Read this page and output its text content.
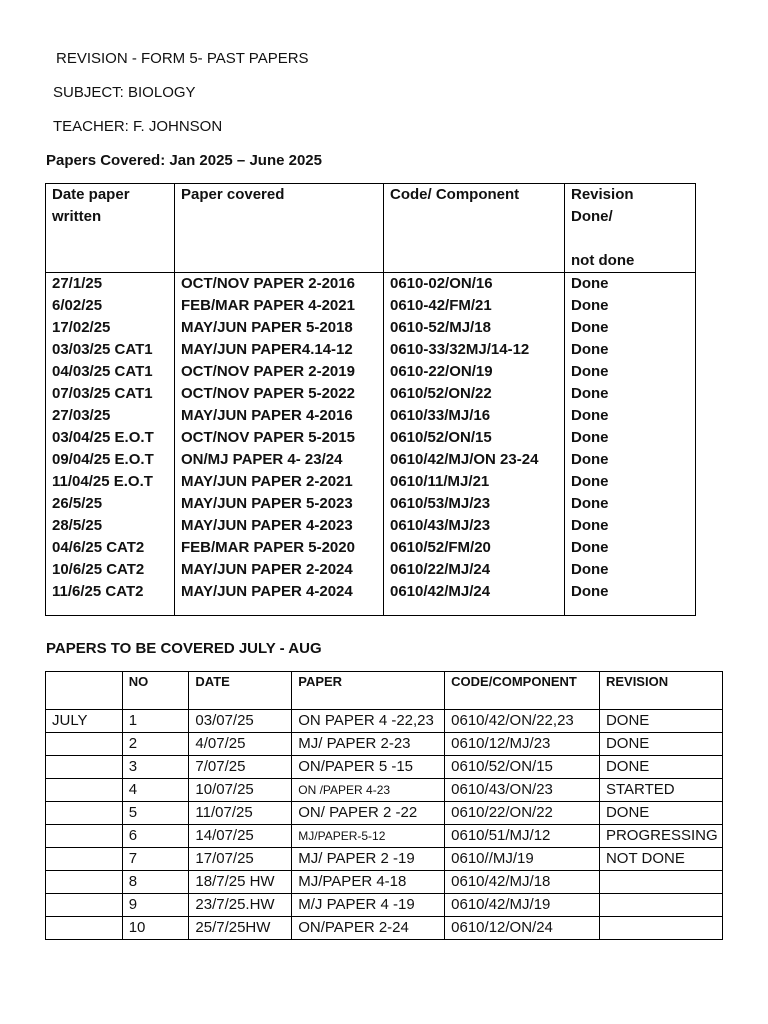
REVISION - FORM 5- PAST PAPERS
SUBJECT: BIOLOGY
TEACHER: F. JOHNSON
Papers Covered: Jan 2025 – June 2025
Date paper
written	Paper covered	Code/ Component	Revision
Done/

not done
27/1/25	OCT/NOV PAPER 2-2016	0610-02/ON/16	Done
6/02/25	FEB/MAR PAPER 4-2021	0610-42/FM/21	Done
17/02/25	MAY/JUN PAPER 5-2018	0610-52/MJ/18	Done
03/03/25 CAT1	MAY/JUN PAPER4.14-12	0610-33/32MJ/14-12	Done
04/03/25 CAT1	OCT/NOV PAPER 2-2019	0610-22/ON/19	Done
07/03/25 CAT1	OCT/NOV PAPER 5-2022	0610/52/ON/22	Done
27/03/25	MAY/JUN PAPER 4-2016	0610/33/MJ/16	Done
03/04/25 E.O.T	OCT/NOV PAPER 5-2015	0610/52/ON/15	Done
09/04/25 E.O.T	ON/MJ PAPER 4- 23/24	0610/42/MJ/ON 23-24	Done
11/04/25 E.O.T	MAY/JUN PAPER 2-2021	0610/11/MJ/21	Done
26/5/25	MAY/JUN PAPER 5-2023	0610/53/MJ/23	Done
28/5/25	MAY/JUN PAPER 4-2023	0610/43/MJ/23	Done
04/6/25 CAT2	FEB/MAR PAPER 5-2020	0610/52/FM/20	Done
10/6/25 CAT2	MAY/JUN PAPER 2-2024	0610/22/MJ/24	Done
11/6/25 CAT2	MAY/JUN PAPER 4-2024	0610/42/MJ/24	Done
PAPERS TO BE COVERED JULY - AUG
	NO	DATE	PAPER	CODE/COMPONENT	REVISION
JULY	1	03/07/25	ON PAPER 4 -22,23	0610/42/ON/22,23	DONE
	2	4/07/25	MJ/ PAPER 2-23	0610/12/MJ/23	DONE
	3	7/07/25	ON/PAPER 5 -15	0610/52/ON/15	DONE
	4	10/07/25	ON /PAPER 4-23	0610/43/ON/23	STARTED
	5	11/07/25	ON/ PAPER 2 -22	0610/22/ON/22	DONE
	6	14/07/25	MJ/PAPER-5-12	0610/51/MJ/12	PROGRESSING
	7	17/07/25	MJ/ PAPER 2 -19	0610//MJ/19	NOT DONE
	8	18/7/25 HW	MJ/PAPER 4-18	0610/42/MJ/18	
	9	23/7/25.HW	M/J PAPER 4 -19	0610/42/MJ/19	
	10	25/7/25HW	ON/PAPER 2-24	0610/12/ON/24	
